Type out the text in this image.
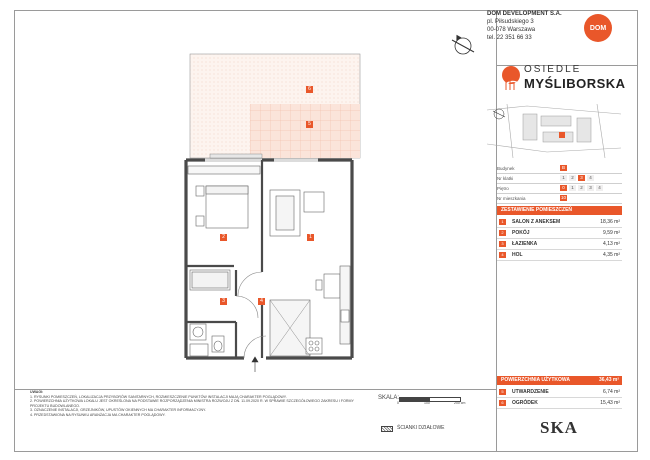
6
5
1
2
3	4
DOM DEVELOPMENT S.A.
pl. Piłsudskiego 3
00-078 Warszawa
tel. 22 351 66 33
DOM
OSIEDLE
MYŚLIBORSKA
Budynek	B
Nr klatki	1	2	3	4
Piętro	0	1	2	3	4
Nr mieszkania	10
ZESTAWIENIE POMIESZCZEŃ
1	SALON Z ANEKSEM	18,36 m²
2	POKÓJ	9,59 m²
3	ŁAZIENKA	4,13 m²
4	HOL	4,35 m²
POWIERZCHNIA UŻYTKOWA	36,43 m²
5	UTWARDZENIE	6,74 m²
6	OGRÓDEK	15,43 m²

UWAGI:

1. RYSUNKI POMIESZCZEŃ, LOKALIZACJA PRZYBORÓW SANITARNYCH, ROZMIESZCZENIE PUNKTÓW INSTALACJI MAJĄ CHARAKTER POGLĄDOWY.

2. POWIERZCHNIA UŻYTKOWA LOKALU JEST OKREŚLONA NA PODSTAWIE ROZPORZĄDZENIA MINISTRA ROZWOJU Z DN. 11.09.2020 R. W SPRAWIE SZCZEGÓŁOWEGO ZAKRESU I FORMY PROJEKTU BUDOWLANEGO.

3. OZNACZENIE INSTALACJI, GRZEJNIKÓW, UPUSTÓW OKIENNYCH MA CHARAKTER INFORMACYJNY.

4. PRZEDSTAWIONA NA RYSUNKU ARANŻACJA MA CHARAKTER POGLĄDOWY.

SKALA:
0	100	200 cm
ŚCIANKI DZIAŁOWE	SKA
